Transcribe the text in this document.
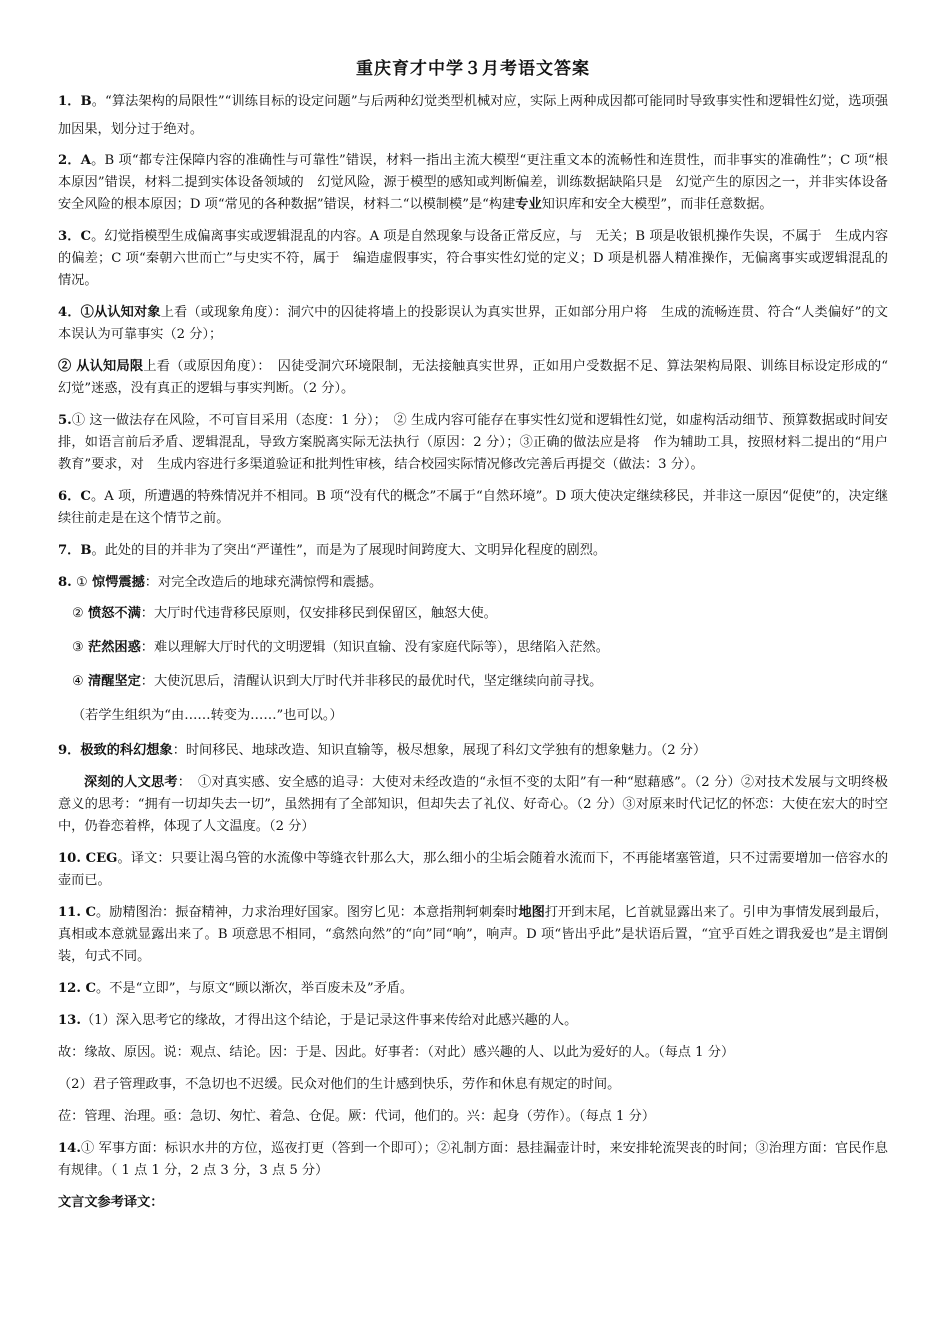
重庆育才中学３月考语文答案
1．B。“算法架构的局限性”“训练目标的设定问题”与后两种幻觉类型机械对应，实际上两种成因都可能同时导致事实性和逻辑性幻觉，选项强加因果，划分过于绝对。
2．A。B 项“都专注保障内容的准确性与可靠性”错误，材料一指出主流大模型“更注重文本的流畅性和连贯性，而非事实的准确性”；C 项“根本原因”错误，材料二提到实体设备领域的　幻觉风险，源于模型的感知或判断偏差，训练数据缺陷只是　幻觉产生的原因之一，并非实体设备安全风险的根本原因；D 项“常见的各种数据”错误，材料二“以模制模”是“构建专业知识库和安全大模型”，而非任意数据。
3．C。幻觉指模型生成偏离事实或逻辑混乱的内容。A 项是自然现象与设备正常反应，与　无关；B 项是收银机操作失误，不属于　生成内容的偏差；C 项“秦朝六世而亡”与史实不符，属于　编造虚假事实，符合事实性幻觉的定义；D 项是机器人精准操作，无偏离事实或逻辑混乱的情况。
4．①从认知对象上看（或现象角度）：洞穴中的囚徒将墙上的投影误认为真实世界，正如部分用户将　生成的流畅连贯、符合“人类偏好”的文本误认为可靠事实（2 分）；
② 从认知局限上看（或原因角度）：　囚徒受洞穴环境限制，无法接触真实世界，正如用户受数据不足、算法架构局限、训练目标设定形成的“ 幻觉”迷惑，没有真正的逻辑与事实判断。（2 分）。
5.① 这一做法存在风险，不可盲目采用（态度：1 分）；　② 生成内容可能存在事实性幻觉和逻辑性幻觉，如虚构活动细节、预算数据或时间安排，如语言前后矛盾、逻辑混乱，导致方案脱离实际无法执行（原因：2 分）；③正确的做法应是将　作为辅助工具，按照材料二提出的“用户教育”要求，对　生成内容进行多渠道验证和批判性审核，结合校园实际情况修改完善后再提交（做法：3 分）。
6．C。A 项，所遭遇的特殊情况并不相同。B 项“没有代的概念”不属于“自然环境”。D 项大使决定继续移民，并非这一原因“促使”的，决定继续往前走是在这个情节之前。
7．B。此处的目的并非为了突出“严谨性”，而是为了展现时间跨度大、文明异化程度的剧烈。
8. ① 惊愕震撼：对完全改造后的地球充满惊愕和震撼。
② 愤怒不满：大厅时代违背移民原则，仅安排移民到保留区，触怒大使。
③ 茫然困惑：难以理解大厅时代的文明逻辑（知识直输、没有家庭代际等），思绪陷入茫然。
④ 清醒坚定：大使沉思后，清醒认识到大厅时代并非移民的最优时代，坚定继续向前寻找。
（若学生组织为“由……转变为……”也可以。）
9．极致的科幻想象：时间移民、地球改造、知识直输等，极尽想象，展现了科幻文学独有的想象魅力。（2 分）
深刻的人文思考：　①对真实感、安全感的追寻：大使对未经改造的“永恒不变的太阳”有一种“慰藉感”。（2 分）②对技术发展与文明终极意义的思考：“拥有一切却失去一切”，虽然拥有了全部知识，但却失去了礼仪、好奇心。（2 分）③对原来时代记忆的怀恋：大使在宏大的时空中，仍眷恋着桦，体现了人文温度。（2 分）
10. CEG。译文：只要让渴乌管的水流像中等缝衣针那么大，那么细小的尘垢会随着水流而下，不再能堵塞管道，只不过需要增加一倍容水的壶而已。
11. C。励精图治：振奋精神，力求治理好国家。图穷匕见：本意指荆轲刺秦时地图打开到末尾，匕首就显露出来了。引申为事情发展到最后，真相或本意就显露出来了。B 项意思不相同，“翕然向然”的“向”同“响”，响声。D 项“皆出乎此”是状语后置，“宜乎百姓之谓我爱也”是主谓倒装，句式不同。
12. C。不是“立即”，与原文“顾以渐次，举百废未及”矛盾。
13.（1）深入思考它的缘故，才得出这个结论，于是记录这件事来传给对此感兴趣的人。
故：缘故、原因。说：观点、结论。因：于是、因此。好事者：（对此）感兴趣的人、以此为爱好的人。（每点 1 分）
（2）君子管理政事，不急切也不迟缓。民众对他们的生计感到快乐，劳作和休息有规定的时间。
莅：管理、治理。亟：急切、匆忙、着急、仓促。厥：代词，他们的。兴：起身（劳作）。（每点 1 分）
14.① 军事方面：标识水井的方位，巡夜打更（答到一个即可）；②礼制方面：悬挂漏壶计时，来安排轮流哭丧的时间；③治理方面：官民作息有规律。（ 1 点 1 分，2 点 3 分，3 点 5 分）
文言文参考译文：
